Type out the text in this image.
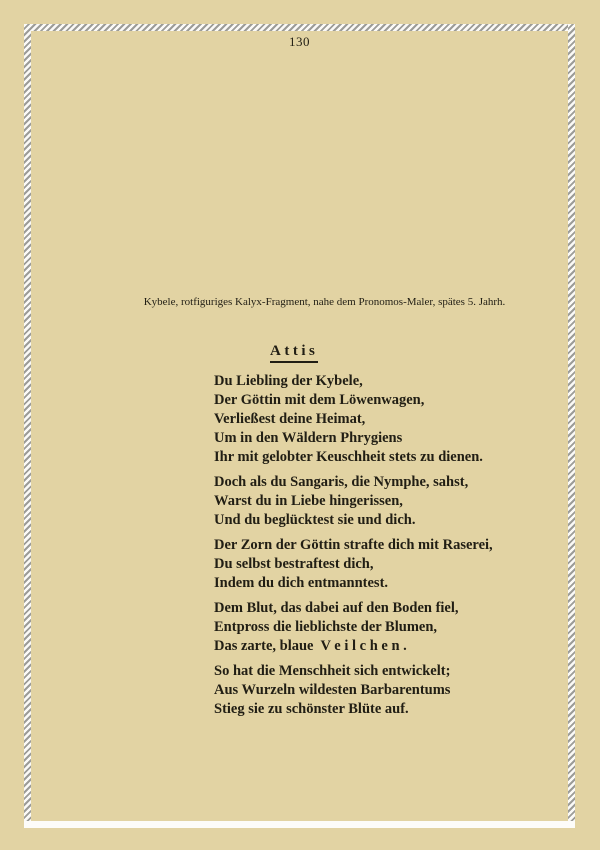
130
Kybele, rotfiguriges Kalyx-Fragment, nahe dem Pronomos-Maler, spätes 5. Jahrh.
Attis
Du Liebling der Kybele,
Der Göttin mit dem Löwenwagen,
Verließest deine Heimat,
Um in den Wäldern Phrygiens
Ihr mit gelobter Keuschheit stets zu dienen.
Doch als du Sangaris, die Nymphe, sahst,
Warst du in Liebe hingerissen,
Und du beglücktest sie und dich.
Der Zorn der Göttin strafte dich mit Raserei,
Du selbst bestraftest dich,
Indem du dich entmanntest.
Dem Blut, das dabei auf den Boden fiel,
Entpross die lieblichste der Blumen,
Das zarte, blaue  V e i l c h e n .
So hat die Menschheit sich entwickelt;
Aus Wurzeln wildesten Barbarentums
Stieg sie zu schönster Blüte auf.
